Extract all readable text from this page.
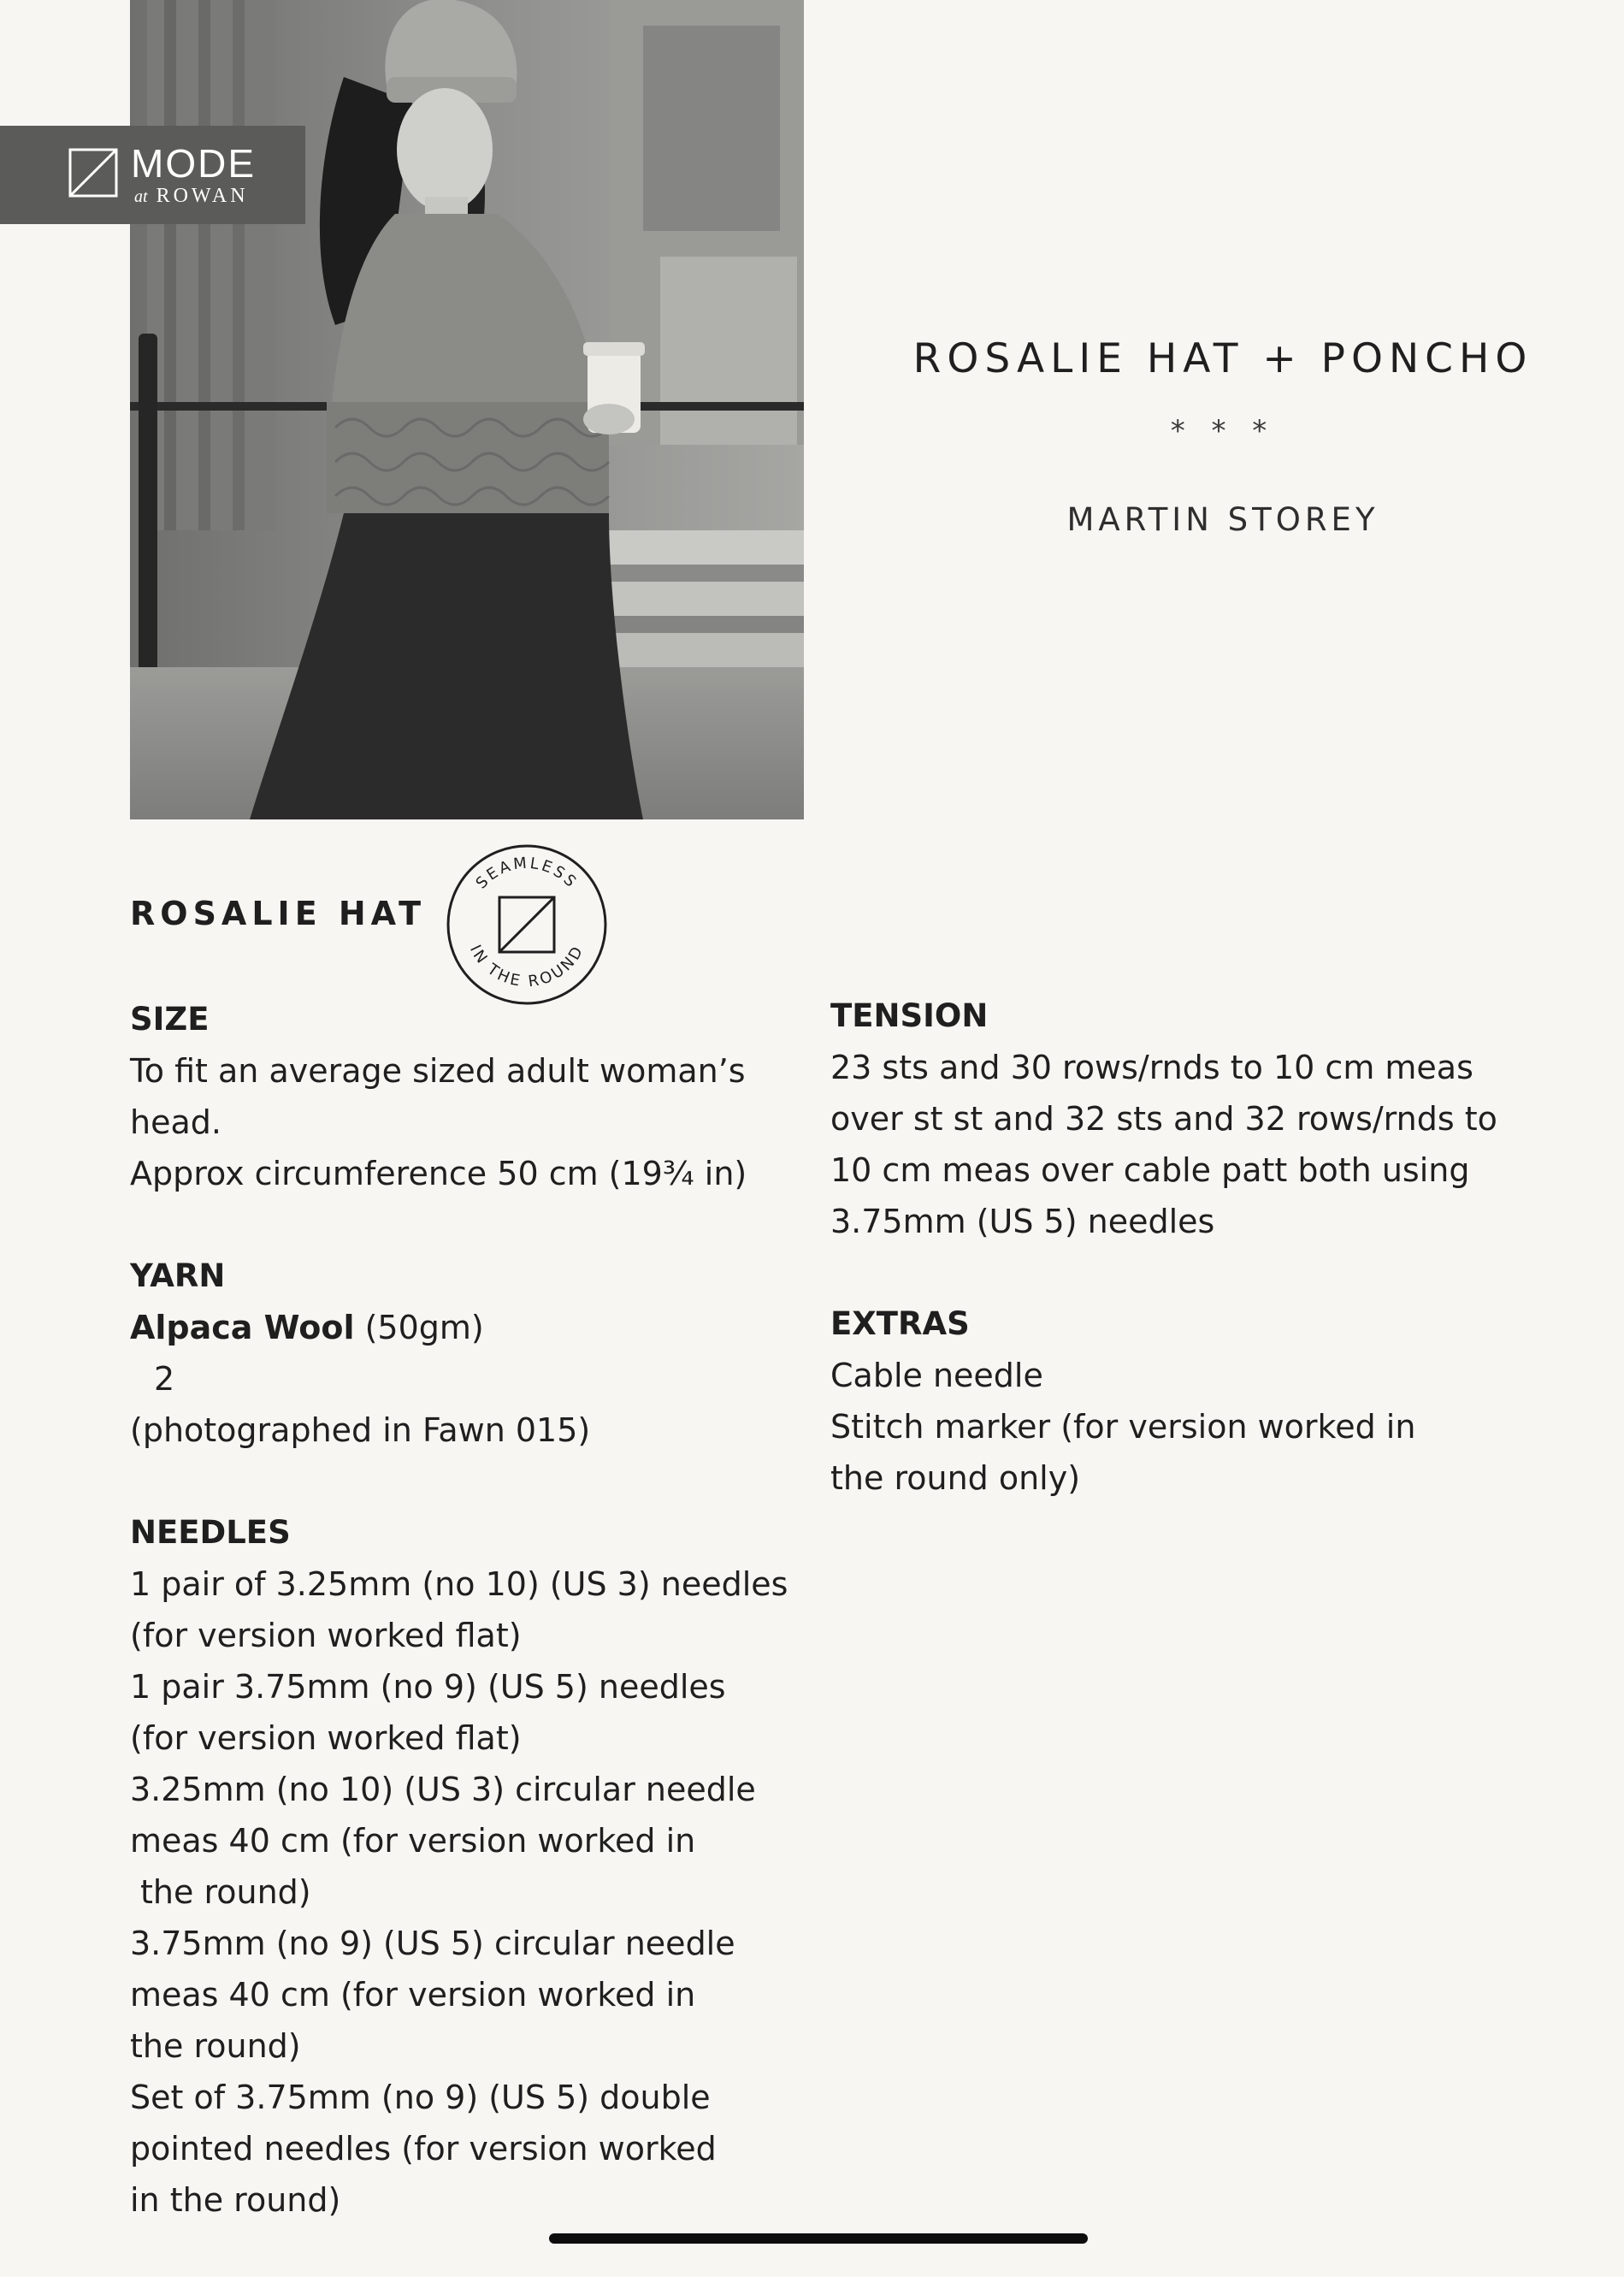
MODE
at ROWAN
ROSALIE HAT + PONCHO
* * *
MARTIN STOREY
ROSALIE HAT
SEAMLESS
IN THE ROUND

SIZE

To fit an average sized adult woman’s

head.

Approx circumference 50 cm (19¾ in)

YARN

Alpaca Wool (50gm)

2

(photographed in Fawn 015)

NEEDLES

1 pair of 3.25mm (no 10) (US 3) needles

(for version worked flat)

1 pair 3.75mm (no 9) (US 5) needles

(for version worked flat)

3.25mm (no 10) (US 3) circular needle

meas 40 cm (for version worked in

the round)

3.75mm (no 9) (US 5) circular needle

meas 40 cm (for version worked in

the round)

Set of 3.75mm (no 9) (US 5) double

pointed needles (for version worked

in the round)

TENSION

23 sts and 30 rows/rnds to 10 cm meas

over st st and 32 sts and 32 rows/rnds to

10 cm meas over cable patt both using

3.75mm (US 5) needles

EXTRAS

Cable needle

Stitch marker (for version worked in

the round only)
